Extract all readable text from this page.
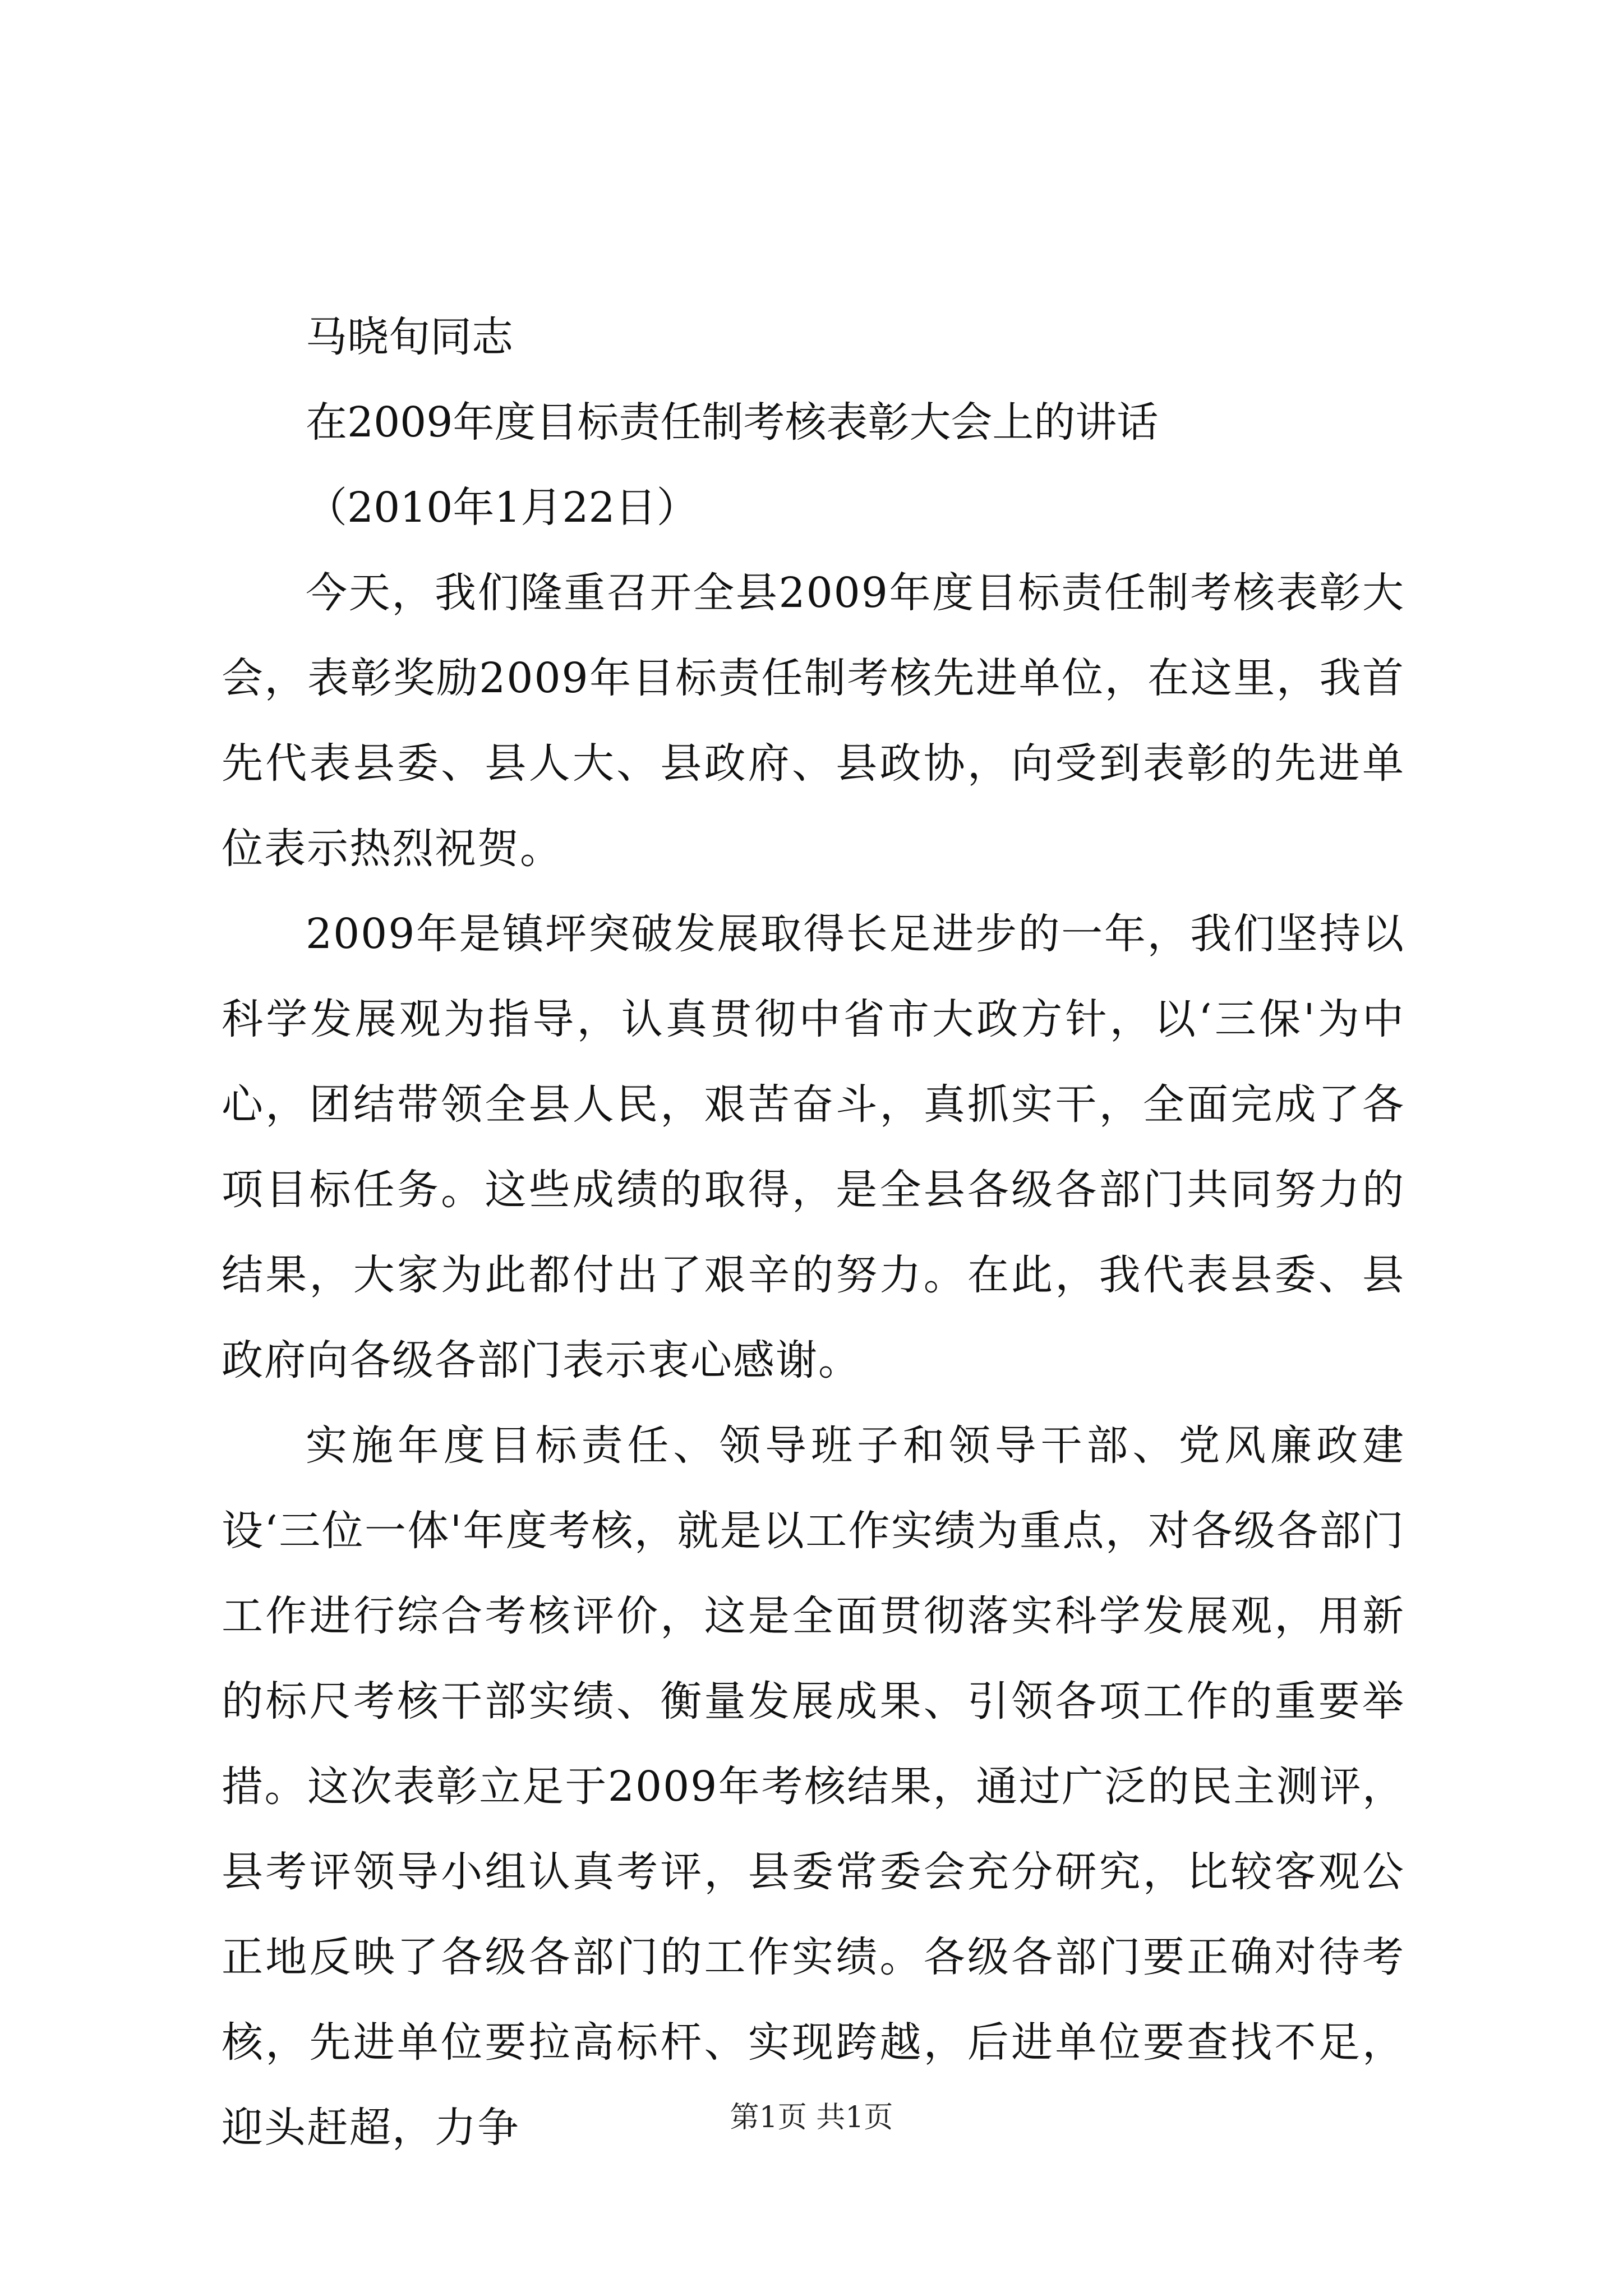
马晓旬同志
在2009年度目标责任制考核表彰大会上的讲话
（2010年1月22日）

今天，我们隆重召开全县2009年度目标责任制考核表彰大会，表彰奖励2009年目标责任制考核先进单位，在这里，我首先代表县委、县人大、县政府、县政协，向受到表彰的先进单位表示热烈祝贺。

2009年是镇坪突破发展取得长足进步的一年，我们坚持以科学发展观为指导，认真贯彻中省市大政方针，以‘三保'为中心，团结带领全县人民，艰苦奋斗，真抓实干，全面完成了各项目标任务。这些成绩的取得，是全县各级各部门共同努力的结果，大家为此都付出了艰辛的努力。在此，我代表县委、县政府向各级各部门表示衷心感谢。

实施年度目标责任、领导班子和领导干部、党风廉政建设‘三位一体'年度考核，就是以工作实绩为重点，对各级各部门工作进行综合考核评价，这是全面贯彻落实科学发展观，用新的标尺考核干部实绩、衡量发展成果、引领各项工作的重要举措。这次表彰立足于2009年考核结果，通过广泛的民主测评，县考评领导小组认真考评，县委常委会充分研究，比较客观公正地反映了各级各部门的工作实绩。各级各部门要正确对待考核，先进单位要拉高标杆、实现跨越，后进单位要查找不足，迎头赶超，力争	第1页 共1页
